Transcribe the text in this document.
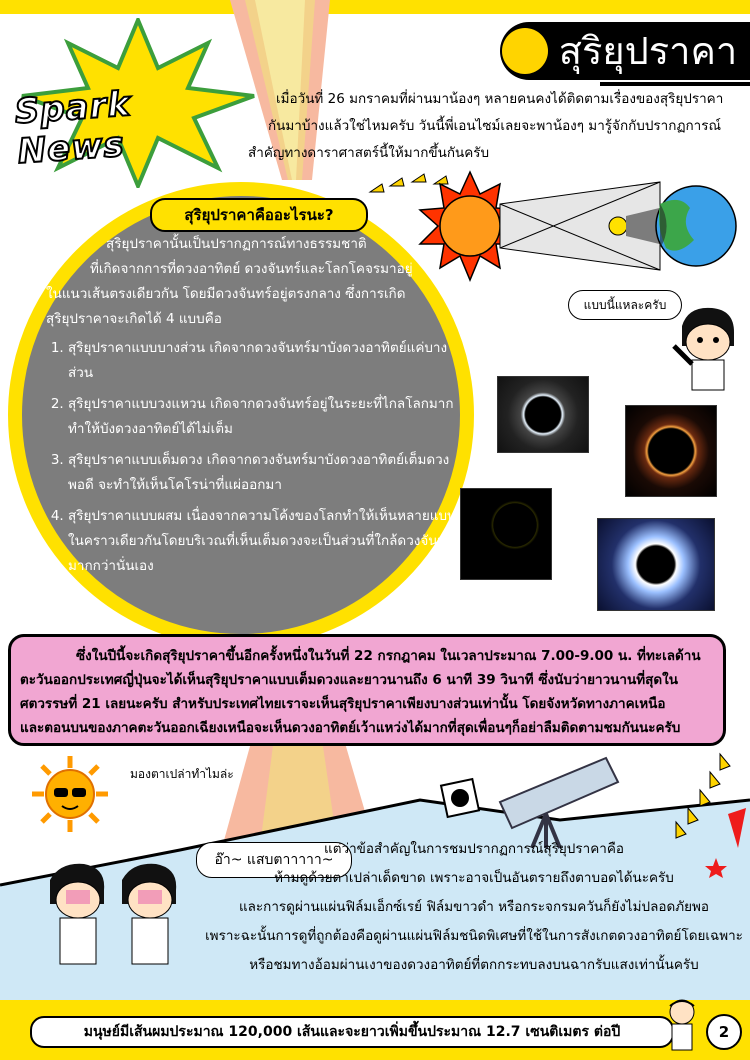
Spark News
สุริยุปราคา

เมื่อวันที่ 26 มกราคมที่ผ่านมาน้องๆ หลายคนคงได้ติดตามเรื่องของสุริยุปราคา

กันมาบ้างแล้วใช่ไหมครับ วันนี้พี่เอนไซม์เลยจะพาน้องๆ มารู้จักกับปรากฏการณ์

สำคัญทางดาราศาสตร์นี้ให้มากขึ้นกันครับ

แบบนี้แหละครับ
สุริยุปราคาคืออะไรนะ?

สุริยุปราคานั้นเป็นปรากฏการณ์ทางธรรมชาติ

ที่เกิดจากการที่ดวงอาทิตย์ ดวงจันทร์และโลกโคจรมาอยู่

ในแนวเส้นตรงเดียวกัน โดยมีดวงจันทร์อยู่ตรงกลาง ซึ่งการเกิด

สุริยุปราคาจะเกิดได้ 4 แบบคือ

1. สุริยุปราคาแบบบางส่วน เกิดจากดวงจันทร์มาบังดวงอาทิตย์แค่บางส่วน
2. สุริยุปราคาแบบวงแหวน เกิดจากดวงจันทร์อยู่ในระยะที่ไกลโลกมาก ทำให้บังดวงอาทิตย์ได้ไม่เต็ม
3. สุริยุปราคาแบบเต็มดวง เกิดจากดวงจันทร์มาบังดวงอาทิตย์เต็มดวงพอดี จะทำให้เห็นโคโรน่าที่แผ่ออกมา
4. สุริยุปราคาแบบผสม เนื่องจากความโค้งของโลกทำให้เห็นหลายแบบในคราวเดียวกันโดยบริเวณที่เห็นเต็มดวงจะเป็นส่วนที่ใกล้ดวงจันทร์มากกว่านั่นเอง
ซึ่งในปีนี้จะเกิดสุริยุปราคาขึ้นอีกครั้งหนึ่งในวันที่ 22 กรกฎาคม ในเวลาประมาณ 7.00-9.00 น. ที่ทะเลด้าน
ตะวันออกประเทศญี่ปุ่นจะได้เห็นสุริยุปราคาแบบเต็มดวงและยาวนานถึง 6 นาที 39 วินาที ซึ่งนับว่ายาวนานที่สุดใน
ศตวรรษที่ 21 เลยนะครับ สำหรับประเทศไทยเราจะเห็นสุริยุปราคาเพียงบางส่วนเท่านั้น โดยจังหวัดทางภาคเหนือ
และตอนบนของภาคตะวันออกเฉียงเหนือจะเห็นดวงอาทิตย์เว้าแหว่งได้มากที่สุดเพื่อนๆก็อย่าลืมติดตามชมกันนะครับ
มองตาเปล่าทำไมล่ะ
อ๊า~ แสบตาาาาา~

แต่ว่าข้อสำคัญในการชมปรากฏการณ์สุริยุปราคาคือ

ห้ามดูด้วยตาเปล่าเด็ดขาด เพราะอาจเป็นอันตรายถึงตาบอดได้นะครับ

และการดูผ่านแผ่นฟิล์มเอ็กซ์เรย์ ฟิล์มขาวดำ หรือกระจกรมควันก็ยังไม่ปลอดภัยพอ

เพราะฉะนั้นการดูที่ถูกต้องคือดูผ่านแผ่นฟิล์มชนิดพิเศษที่ใช้ในการสังเกตดวงอาทิตย์โดยเฉพาะ

หรือชมทางอ้อมผ่านเงาของดวงอาทิตย์ที่ตกกระทบลงบนฉากรับแสงเท่านั้นครับ

มนุษย์มีเส้นผมประมาณ 120,000 เส้นและจะยาวเพิ่มขึ้นประมาณ 12.7 เซนติเมตร ต่อปี	2
